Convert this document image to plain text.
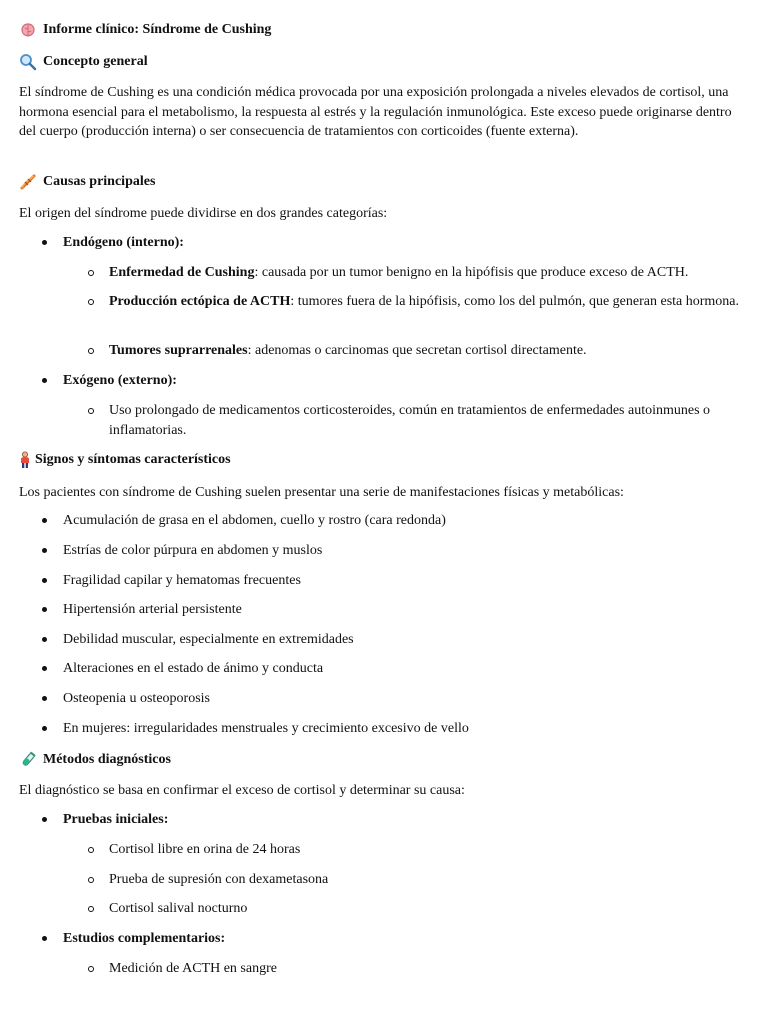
Informe clínico: Síndrome de Cushing
Concepto general

El síndrome de Cushing es una condición médica provocada por una exposición prolongada a niveles elevados de cortisol, una hormona esencial para el metabolismo, la respuesta al estrés y la regulación inmunológica. Este exceso puede originarse dentro del cuerpo (producción interna) o ser consecuencia de tratamientos con corticoides (fuente externa).

Causas principales

El origen del síndrome puede dividirse en dos grandes categorías:

Endógeno (interno):
Enfermedad de Cushing: causada por un tumor benigno en la hipófisis que produce exceso de ACTH.
Producción ectópica de ACTH: tumores fuera de la hipófisis, como los del pulmón, que generan esta hormona.
Tumores suprarrenales: adenomas o carcinomas que secretan cortisol directamente.
Exógeno (externo):
Uso prolongado de medicamentos corticosteroides, común en tratamientos de enfermedades autoinmunes o inflamatorias.
Signos y síntomas característicos

Los pacientes con síndrome de Cushing suelen presentar una serie de manifestaciones físicas y metabólicas:

Acumulación de grasa en el abdomen, cuello y rostro (cara redonda)
Estrías de color púrpura en abdomen y muslos
Fragilidad capilar y hematomas frecuentes
Hipertensión arterial persistente
Debilidad muscular, especialmente en extremidades
Alteraciones en el estado de ánimo y conducta
Osteopenia u osteoporosis
En mujeres: irregularidades menstruales y crecimiento excesivo de vello
Métodos diagnósticos

El diagnóstico se basa en confirmar el exceso de cortisol y determinar su causa:

Pruebas iniciales:
Cortisol libre en orina de 24 horas
Prueba de supresión con dexametasona
Cortisol salival nocturno
Estudios complementarios:
Medición de ACTH en sangre
